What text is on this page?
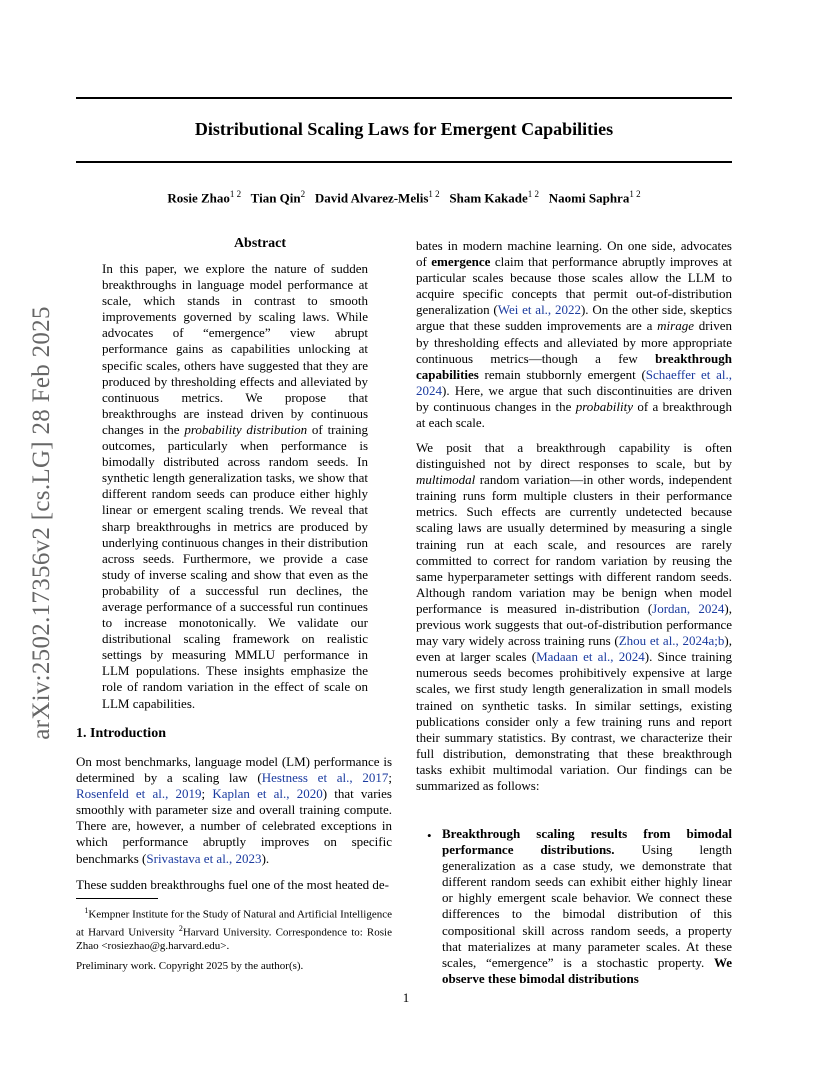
Distributional Scaling Laws for Emergent Capabilities
Rosie Zhao$^{1 2}$ Tian Qin$^2$ David Alvarez-Melis$^{1 2}$ Sham Kakade$^{1 2}$ Naomi Saphra$^{1 2}$
arXiv:2502.17356v2 [cs.LG] 28 Feb 2025
Abstract
In this paper, we explore the nature of sudden breakthroughs in language model performance at scale, which stands in contrast to smooth improvements governed by scaling laws. While advocates of “emergence” view abrupt performance gains as capabilities unlocking at specific scales, others have suggested that they are produced by thresholding effects and alleviated by continuous metrics. We propose that breakthroughs are instead driven by continuous changes in the probability distribution of training outcomes, particularly when performance is bimodally distributed across random seeds. In synthetic length generalization tasks, we show that different random seeds can produce either highly linear or emergent scaling trends. We reveal that sharp breakthroughs in metrics are produced by underlying continuous changes in their distribution across seeds. Furthermore, we provide a case study of inverse scaling and show that even as the probability of a successful run declines, the average performance of a successful run continues to increase monotonically. We validate our distributional scaling framework on realistic settings by measuring MMLU performance in LLM populations. These insights emphasize the role of random variation in the effect of scale on LLM capabilities.
1. Introduction
On most benchmarks, language model (LM) performance is determined by a scaling law (Hestness et al., 2017; Rosenfeld et al., 2019; Kaplan et al., 2020) that varies smoothly with parameter size and overall training compute. There are, however, a number of celebrated exceptions in which performance abruptly improves on specific benchmarks (Srivastava et al., 2023).
These sudden breakthroughs fuel one of the most heated de-
$^1$Kempner Institute for the Study of Natural and Artificial Intelligence at Harvard University $^2$Harvard University. Correspondence to: Rosie Zhao <rosiezhao@g.harvard.edu>.
Preliminary work. Copyright 2025 by the author(s).
bates in modern machine learning. On one side, advocates of emergence claim that performance abruptly improves at particular scales because those scales allow the LLM to acquire specific concepts that permit out-of-distribution generalization (Wei et al., 2022). On the other side, skeptics argue that these sudden improvements are a mirage driven by thresholding effects and alleviated by more appropriate continuous metrics—though a few breakthrough capabilities remain stubbornly emergent (Schaeffer et al., 2024). Here, we argue that such discontinuities are driven by continuous changes in the probability of a breakthrough at each scale.
We posit that a breakthrough capability is often distinguished not by direct responses to scale, but by multimodal random variation—in other words, independent training runs form multiple clusters in their performance metrics. Such effects are currently undetected because scaling laws are usually determined by measuring a single training run at each scale, and resources are rarely committed to correct for random variation by reusing the same hyperparameter settings with different random seeds. Although random variation may be benign when model performance is measured in-distribution (Jordan, 2024), previous work suggests that out-of-distribution performance may vary widely across training runs (Zhou et al., 2024a;b), even at larger scales (Madaan et al., 2024). Since training numerous seeds becomes prohibitively expensive at large scales, we first study length generalization in small models trained on synthetic tasks. In similar settings, existing publications consider only a few training runs and report their summary statistics. By contrast, we characterize their full distribution, demonstrating that these breakthrough tasks exhibit multimodal variation. Our findings can be summarized as follows:
• Breakthrough scaling results from bimodal performance distributions. Using length generalization as a case study, we demonstrate that different random seeds can exhibit either highly linear or highly emergent scale behavior. We connect these differences to the bimodal distribution of this compositional skill across random seeds, a property that materializes at many parameter scales. At these scales, “emergence” is a stochastic property. We observe these bimodal distributions
1
